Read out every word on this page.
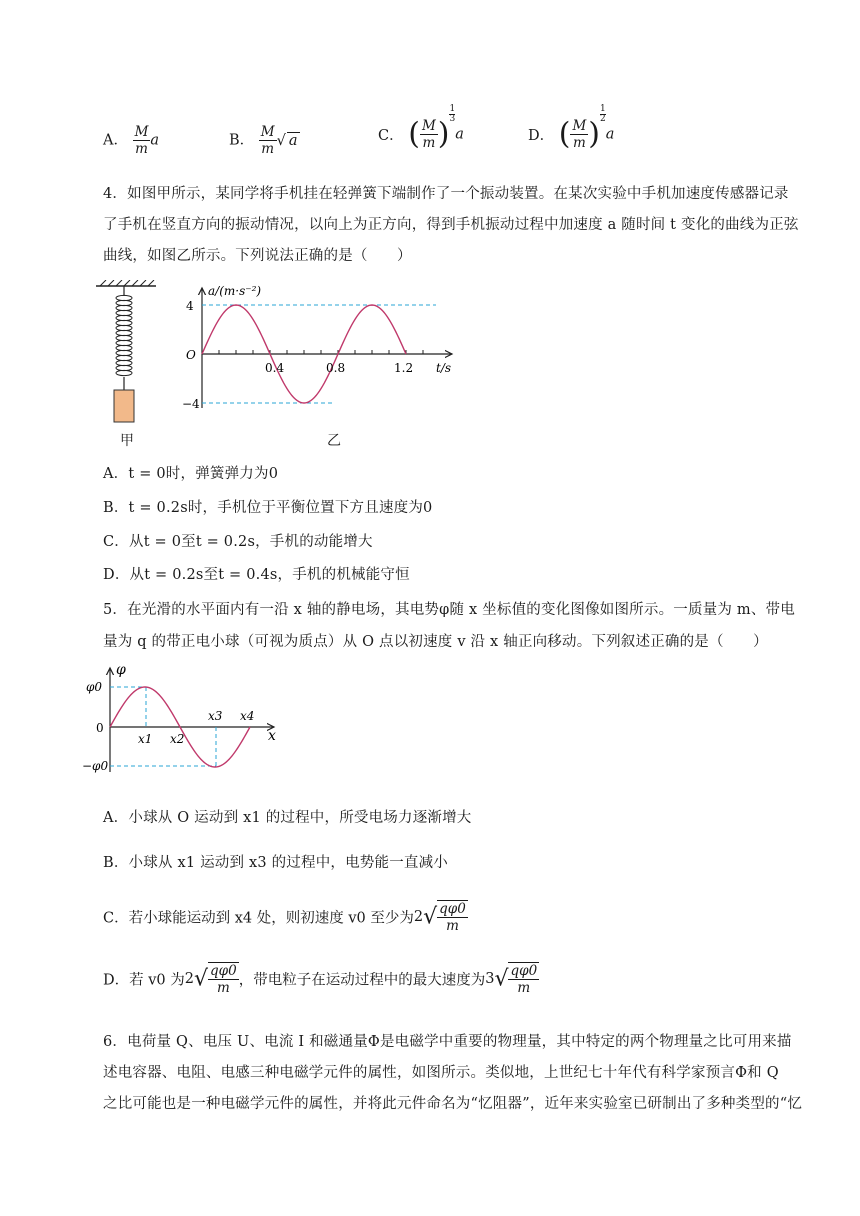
A． $\frac{M}{m}$ a	B． $\frac{M}{m}$ √ a	C． ( $\frac{M}{m}$ )
$\frac{1}{3}$
a	D． ( $\frac{M}{m}$ )
$\frac{1}{2}$
a
4．如图甲所示，某同学将手机挂在轻弹簧下端制作了一个振动装置。在某次实验中手机加速度传感器记录
了手机在竖直方向的振动情况，以向上为正方向，得到手机振动过程中加速度 a 随时间 t 变化的曲线为正弦
曲线，如图乙所示。下列说法正确的是（　　）
甲
a/(m·s⁻²)
4
O
−4
0.4	0.8	1.2 t/s
乙
A．t = 0时，弹簧弹力为0
B．t = 0.2s时，手机位于平衡位置下方且速度为0
C．从t = 0至t = 0.2s，手机的动能增大
D．从t = 0.2s至t = 0.4s，手机的机械能守恒
5．在光滑的水平面内有一沿 x 轴的静电场，其电势φ随 x 坐标值的变化图像如图所示。一质量为 m、带电
量为 q 的带正电小球（可视为质点）从 O 点以初速度 v 沿 x 轴正向移动。下列叙述正确的是（　　）
φ
φ0
0
−φ0
x1 x2
x3 x4
x
A．小球从 O 运动到 x1 的过程中，所受电场力逐渐增大
B．小球从 x1 运动到 x3 的过程中，电势能一直减小
C．若小球能运动到 x4 处，则初速度 v0 至少为$2√ \frac{q\varphi 0}{m}$
D．若 v0 为$2√ \frac{q\varphi 0}{m}$ ，带电粒子在运动过程中的最大速度为$3√ \frac{q\varphi 0}{m}$
6．电荷量 Q、电压 U、电流 I 和磁通量Φ是电磁学中重要的物理量，其中特定的两个物理量之比可用来描
述电容器、电阻、电感三种电磁学元件的属性，如图所示。类似地，上世纪七十年代有科学家预言Φ和 Q
之比可能也是一种电磁学元件的属性，并将此元件命名为“忆阻器”，近年来实验室已研制出了多种类型的“忆
